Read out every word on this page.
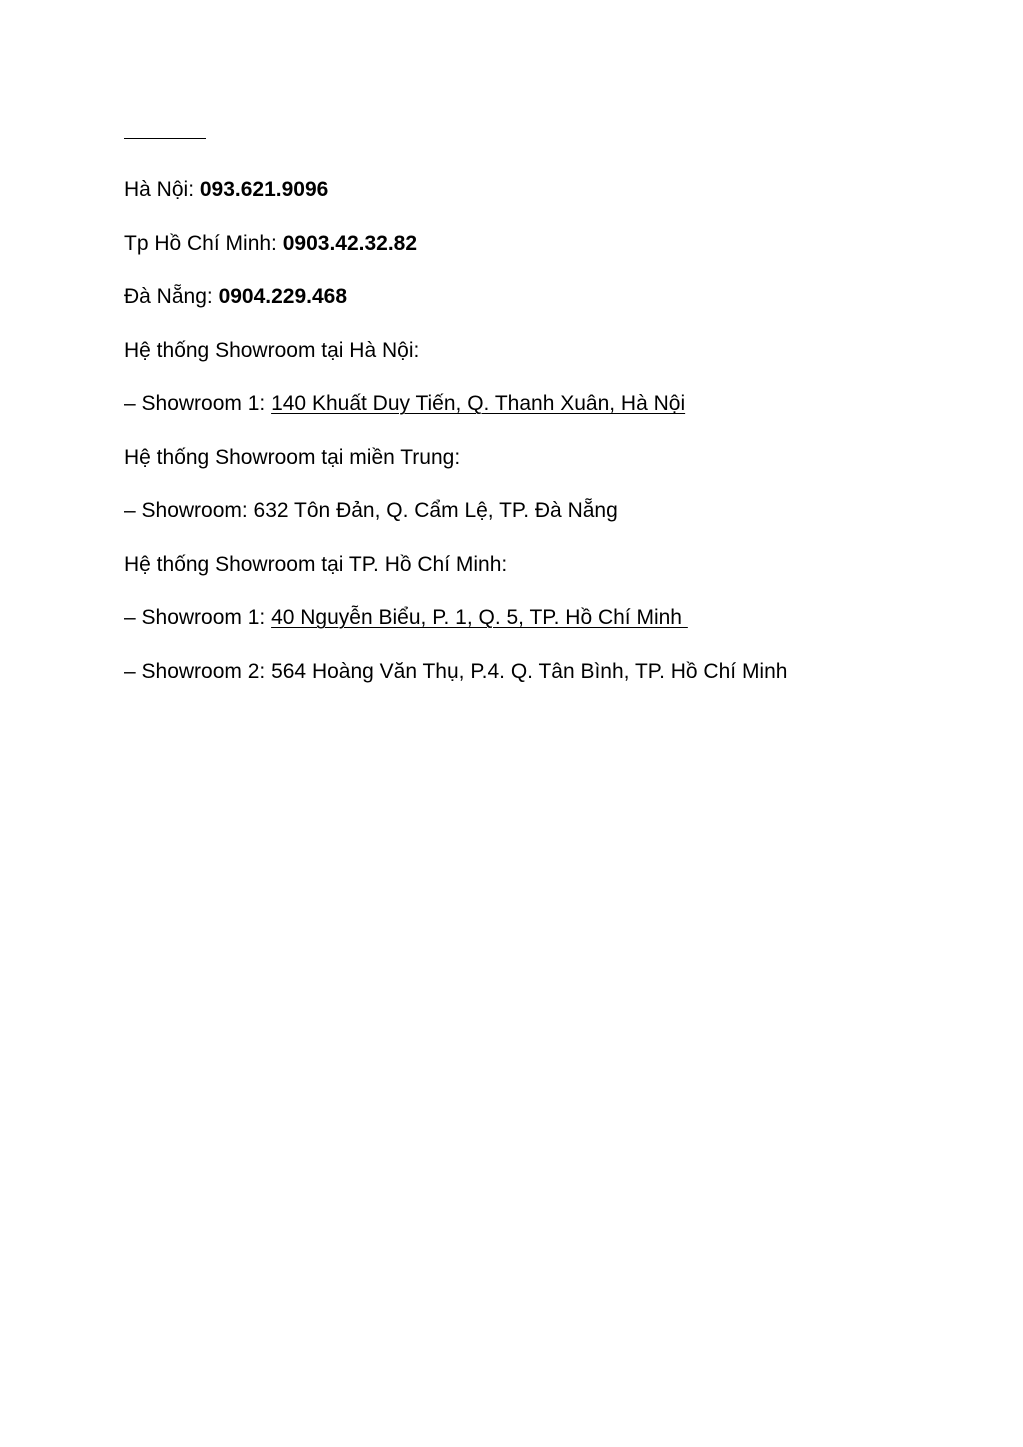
Hà Nội: 093.621.9096

Tp Hồ Chí Minh: 0903.42.32.82

Đà Nẵng: 0904.229.468

Hệ thống Showroom tại Hà Nội:

– Showroom 1: 140 Khuất Duy Tiến, Q. Thanh Xuân, Hà Nội

Hệ thống Showroom tại miền Trung:

– Showroom: 632 Tôn Đản, Q. Cẩm Lệ, TP. Đà Nẵng

Hệ thống Showroom tại TP. Hồ Chí Minh:

– Showroom 1: 40 Nguyễn Biểu, P. 1, Q. 5, TP. Hồ Chí Minh

– Showroom 2: 564 Hoàng Văn Thụ, P.4. Q. Tân Bình, TP. Hồ Chí Minh
